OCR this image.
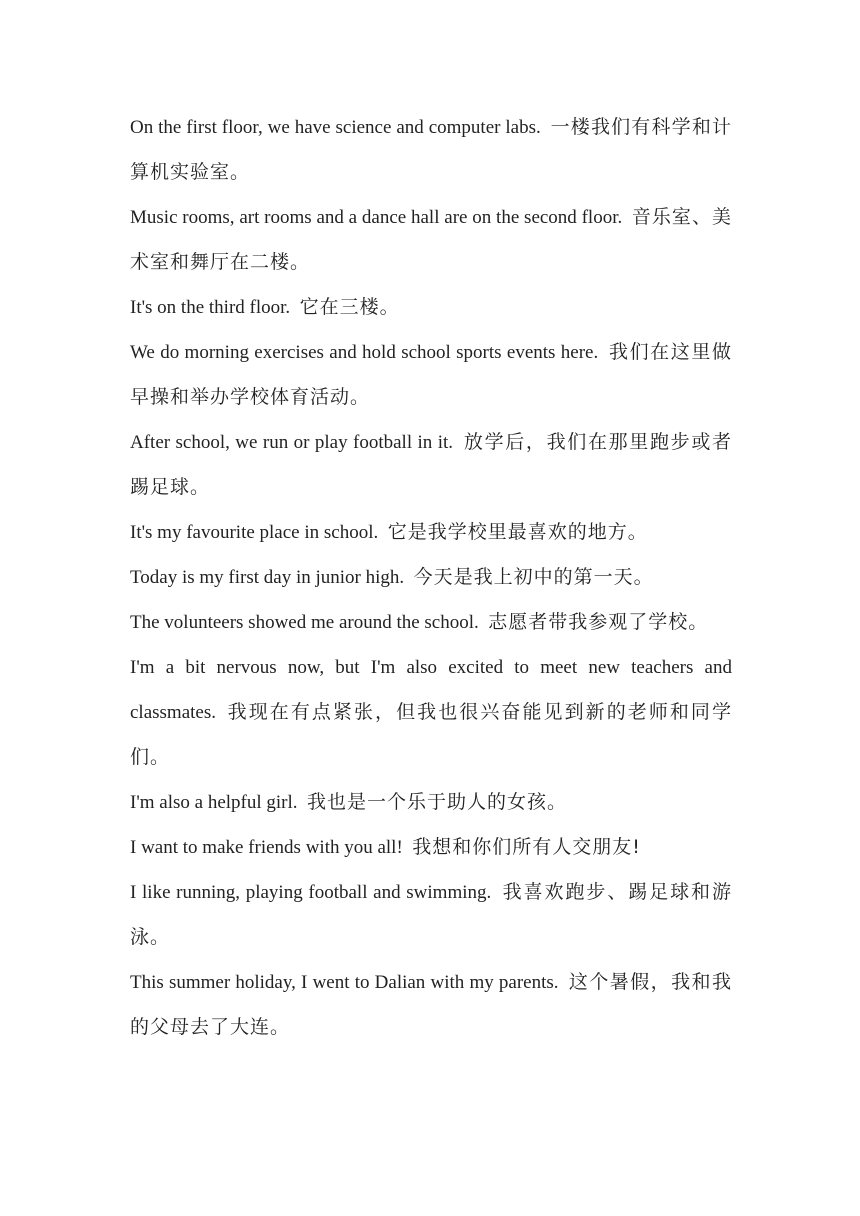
On the first floor, we have science and computer labs. 一楼我们有科学和计算机实验室。

Music rooms, art rooms and a dance hall are on the second floor. 音乐室、美术室和舞厅在二楼。

It's on the third floor. 它在三楼。

We do morning exercises and hold school sports events here. 我们在这里做早操和举办学校体育活动。

After school, we run or play football in it. 放学后，我们在那里跑步或者踢足球。

It's my favourite place in school. 它是我学校里最喜欢的地方。

Today is my first day in junior high. 今天是我上初中的第一天。

The volunteers showed me around the school. 志愿者带我参观了学校。

I'm a bit nervous now, but I'm also excited to meet new teachers and classmates. 我现在有点紧张，但我也很兴奋能见到新的老师和同学们。

I'm also a helpful girl. 我也是一个乐于助人的女孩。

I want to make friends with you all! 我想和你们所有人交朋友!

I like running, playing football and swimming. 我喜欢跑步、踢足球和游泳。

This summer holiday, I went to Dalian with my parents. 这个暑假，我和我的父母去了大连。
